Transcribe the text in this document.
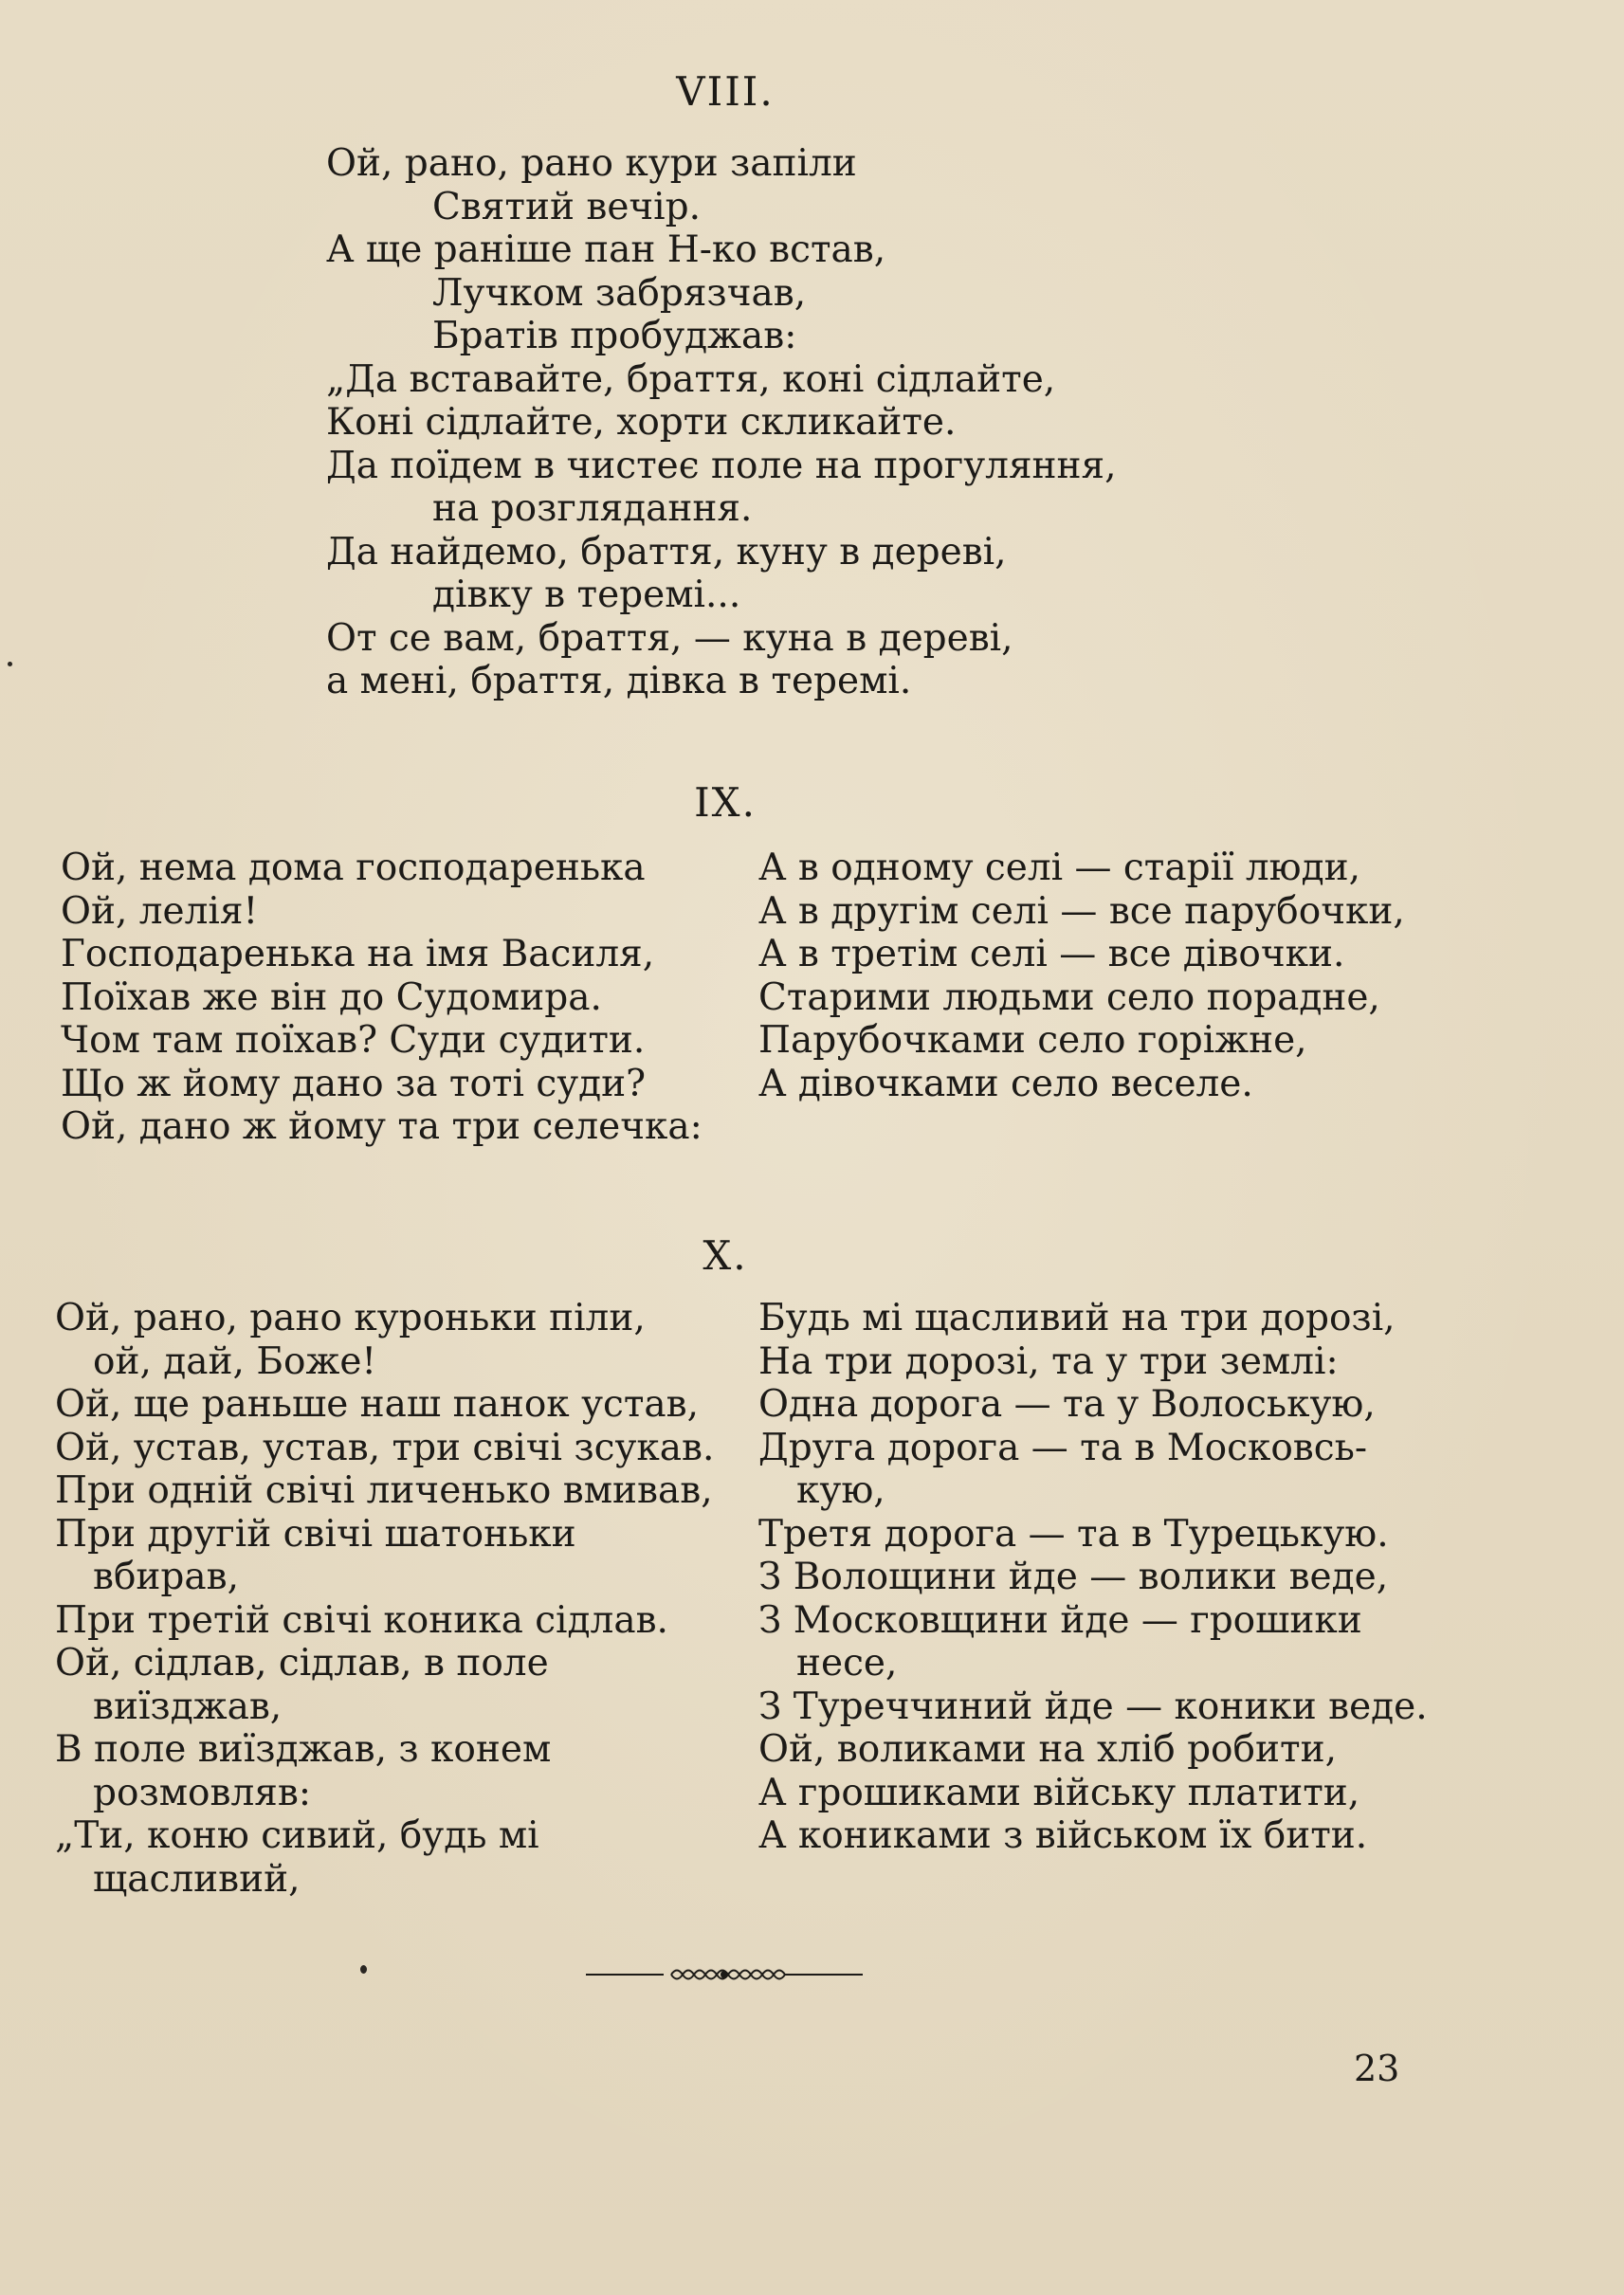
VIII.
Ой, рано, рано кури запіли
Святий вечір.
А ще раніше пан Н-ко встав,
Лучком забрязчав,
Братів пробуджав:
„Да вставайте, браття, коні сідлайте,
Коні сідлайте, хорти скликайте.
Да поїдем в чистеє поле на прогуляння,
на розглядання.
Да найдемо, браття, куну в дереві,
дівку в теремі...
От се вам, браття, — куна в дереві,
а мені, браття, дівка в теремі.
IX.
Ой, нема дома господаренька
Ой, лелія!
Господаренька на імя Василя,
Поїхав же він до Судомира.
Чом там поїхав? Суди судити.
Що ж йому дано за тоті суди?
Ой, дано ж йому та три селечка:
А в одному селі — старії люди,
А в другім селі — все парубочки,
А в третім селі — все дівочки.
Старими людьми село порадне,
Парубочками село горіжне,
А дівочками село веселе.
X.
Ой, рано, рано куроньки піли,
ой, дай, Боже!
Ой, ще раньше наш панок устав,
Ой, устав, устав, три свічі зсукав.
При одній свічі личенько вмивав,
При другій свічі шатоньки
вбирав,
При третій свічі коника сідлав.
Ой, сідлав, сідлав, в поле
виїзджав,
В поле виїзджав, з конем
розмовляв:
„Ти, коню сивий, будь мі
щасливий,
Будь мі щасливий на три дорозі,
На три дорозі, та у три землі:
Одна дорога — та у Волоськую,
Друга дорога — та в Московсь-
кую,
Третя дорога — та в Турецькую.
З Волощини йде — волики веде,
З Московщини йде — грошики
несе,
З Туреччиний йде — коники веде.
Ой, воликами на хліб робити,
А грошиками війську платити,
А кониками з військом їх бити.
23
